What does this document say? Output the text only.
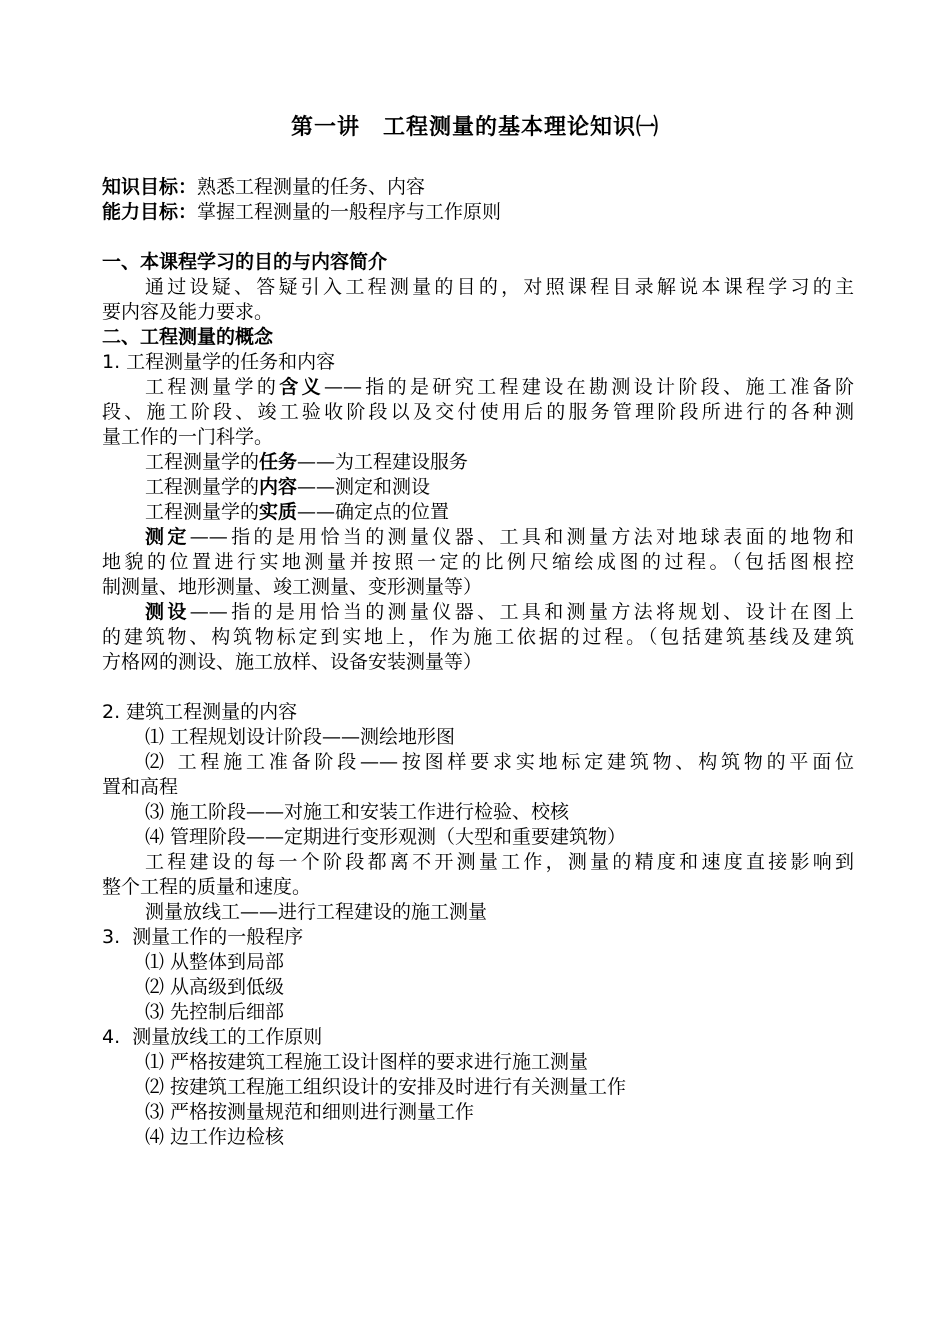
第一讲　工程测量的基本理论知识㈠
知识目标：熟悉工程测量的任务、内容
能力目标：掌握工程测量的一般程序与工作原则
一、本课程学习的目的与内容简介
通过设疑、答疑引入工程测量的目的，对照课程目录解说本课程学习的主
要内容及能力要求。
二、工程测量的概念
1. 工程测量学的任务和内容
工程测量学的含义——指的是研究工程建设在勘测设计阶段、施工准备阶
段、施工阶段、竣工验收阶段以及交付使用后的服务管理阶段所进行的各种测
量工作的一门科学。
工程测量学的任务——为工程建设服务
工程测量学的内容——测定和测设
工程测量学的实质——确定点的位置
测定——指的是用恰当的测量仪器、工具和测量方法对地球表面的地物和
地貌的位置进行实地测量并按照一定的比例尺缩绘成图的过程。（包括图根控
制测量、地形测量、竣工测量、变形测量等）
测设——指的是用恰当的测量仪器、工具和测量方法将规划、设计在图上
的建筑物、构筑物标定到实地上，作为施工依据的过程。（包括建筑基线及建筑
方格网的测设、施工放样、设备安装测量等）
2. 建筑工程测量的内容
⑴ 工程规划设计阶段——测绘地形图
⑵ 工程施工准备阶段——按图样要求实地标定建筑物、构筑物的平面位
置和高程
⑶ 施工阶段——对施工和安装工作进行检验、校核
⑷ 管理阶段——定期进行变形观测（大型和重要建筑物）
工程建设的每一个阶段都离不开测量工作，测量的精度和速度直接影响到
整个工程的质量和速度。
测量放线工——进行工程建设的施工测量
3.  测量工作的一般程序
⑴ 从整体到局部
⑵ 从高级到低级
⑶ 先控制后细部
4.  测量放线工的工作原则
⑴ 严格按建筑工程施工设计图样的要求进行施工测量
⑵ 按建筑工程施工组织设计的安排及时进行有关测量工作
⑶ 严格按测量规范和细则进行测量工作
⑷ 边工作边检核
